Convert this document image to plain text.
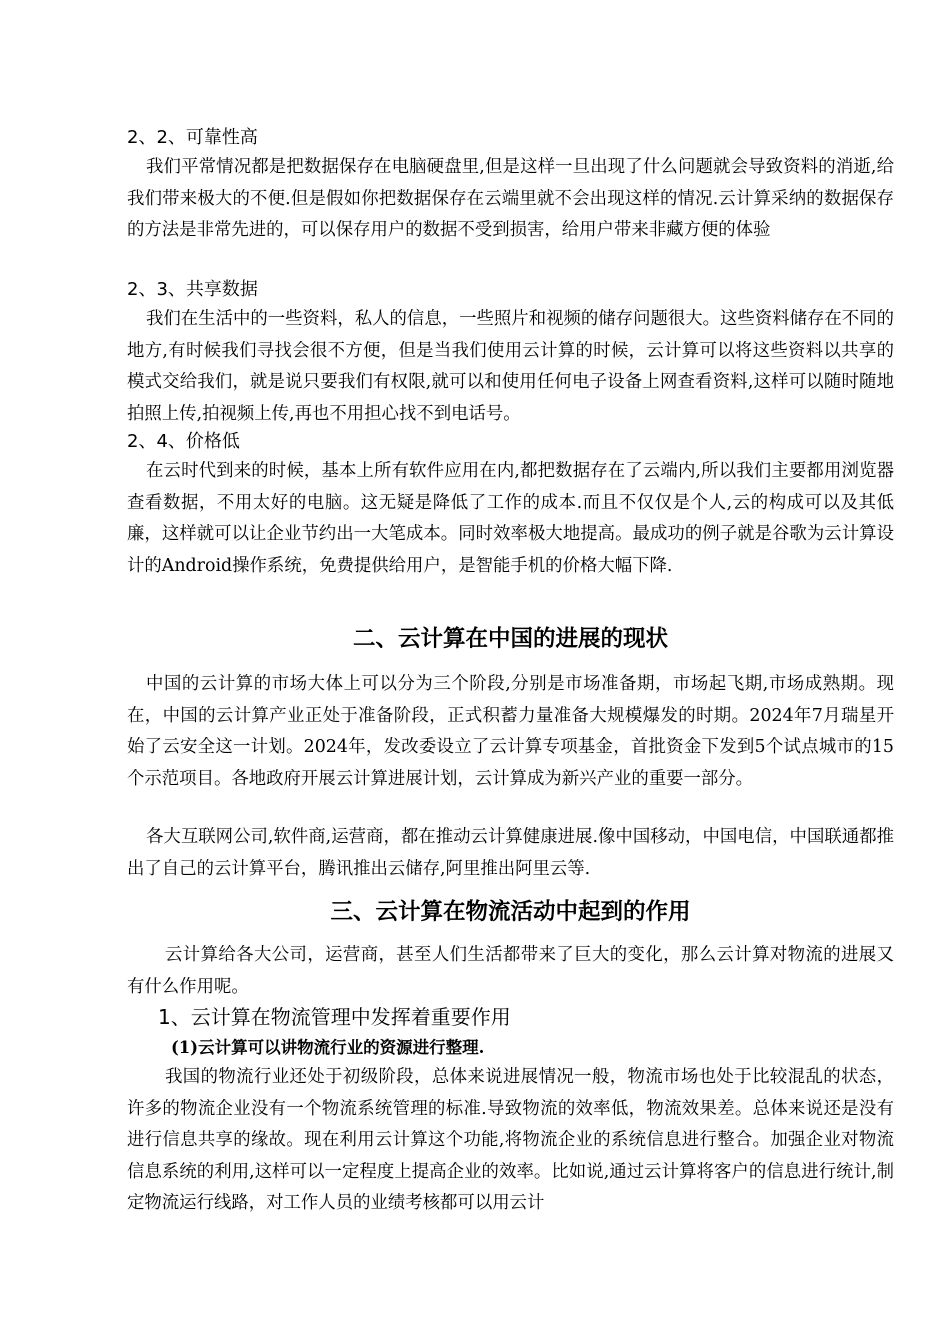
2、2、可靠性高

我们平常情况都是把数据保存在电脑硬盘里,但是这样一旦出现了什么问题就会导致资料的消逝,给我们带来极大的不便.但是假如你把数据保存在云端里就不会出现这样的情况.云计算采纳的数据保存的方法是非常先进的，可以保存用户的数据不受到损害，给用户带来非藏方便的体验

2、3、共享数据

我们在生活中的一些资料，私人的信息，一些照片和视频的储存问题很大。这些资料储存在不同的地方,有时候我们寻找会很不方便，但是当我们使用云计算的时候，云计算可以将这些资料以共享的模式交给我们，就是说只要我们有权限,就可以和使用任何电子设备上网查看资料,这样可以随时随地拍照上传,拍视频上传,再也不用担心找不到电话号。

2、4、价格低

在云时代到来的时候，基本上所有软件应用在内,都把数据存在了云端内,所以我们主要都用浏览器查看数据，不用太好的电脑。这无疑是降低了工作的成本.而且不仅仅是个人,云的构成可以及其低廉，这样就可以让企业节约出一大笔成本。同时效率极大地提高。最成功的例子就是谷歌为云计算设计的Android操作系统，免费提供给用户，是智能手机的价格大幅下降.

二、云计算在中国的进展的现状

中国的云计算的市场大体上可以分为三个阶段,分别是市场准备期，市场起飞期,市场成熟期。现在，中国的云计算产业正处于准备阶段，正式积蓄力量准备大规模爆发的时期。2024年7月瑞星开始了云安全这一计划。2024年，发改委设立了云计算专项基金，首批资金下发到5个试点城市的15个示范项目。各地政府开展云计算进展计划，云计算成为新兴产业的重要一部分。

各大互联网公司,软件商,运营商，都在推动云计算健康进展.像中国移动，中国电信，中国联通都推出了自己的云计算平台，腾讯推出云储存,阿里推出阿里云等.

三、云计算在物流活动中起到的作用

云计算给各大公司，运营商，甚至人们生活都带来了巨大的变化，那么云计算对物流的进展又有什么作用呢。

1、云计算在物流管理中发挥着重要作用
(1)云计算可以讲物流行业的资源进行整理.

我国的物流行业还处于初级阶段，总体来说进展情况一般，物流市场也处于比较混乱的状态，许多的物流企业没有一个物流系统管理的标准.导致物流的效率低，物流效果差。总体来说还是没有进行信息共享的缘故。现在利用云计算这个功能,将物流企业的系统信息进行整合。加强企业对物流信息系统的利用,这样可以一定程度上提高企业的效率。比如说,通过云计算将客户的信息进行统计,制定物流运行线路，对工作人员的业绩考核都可以用云计
